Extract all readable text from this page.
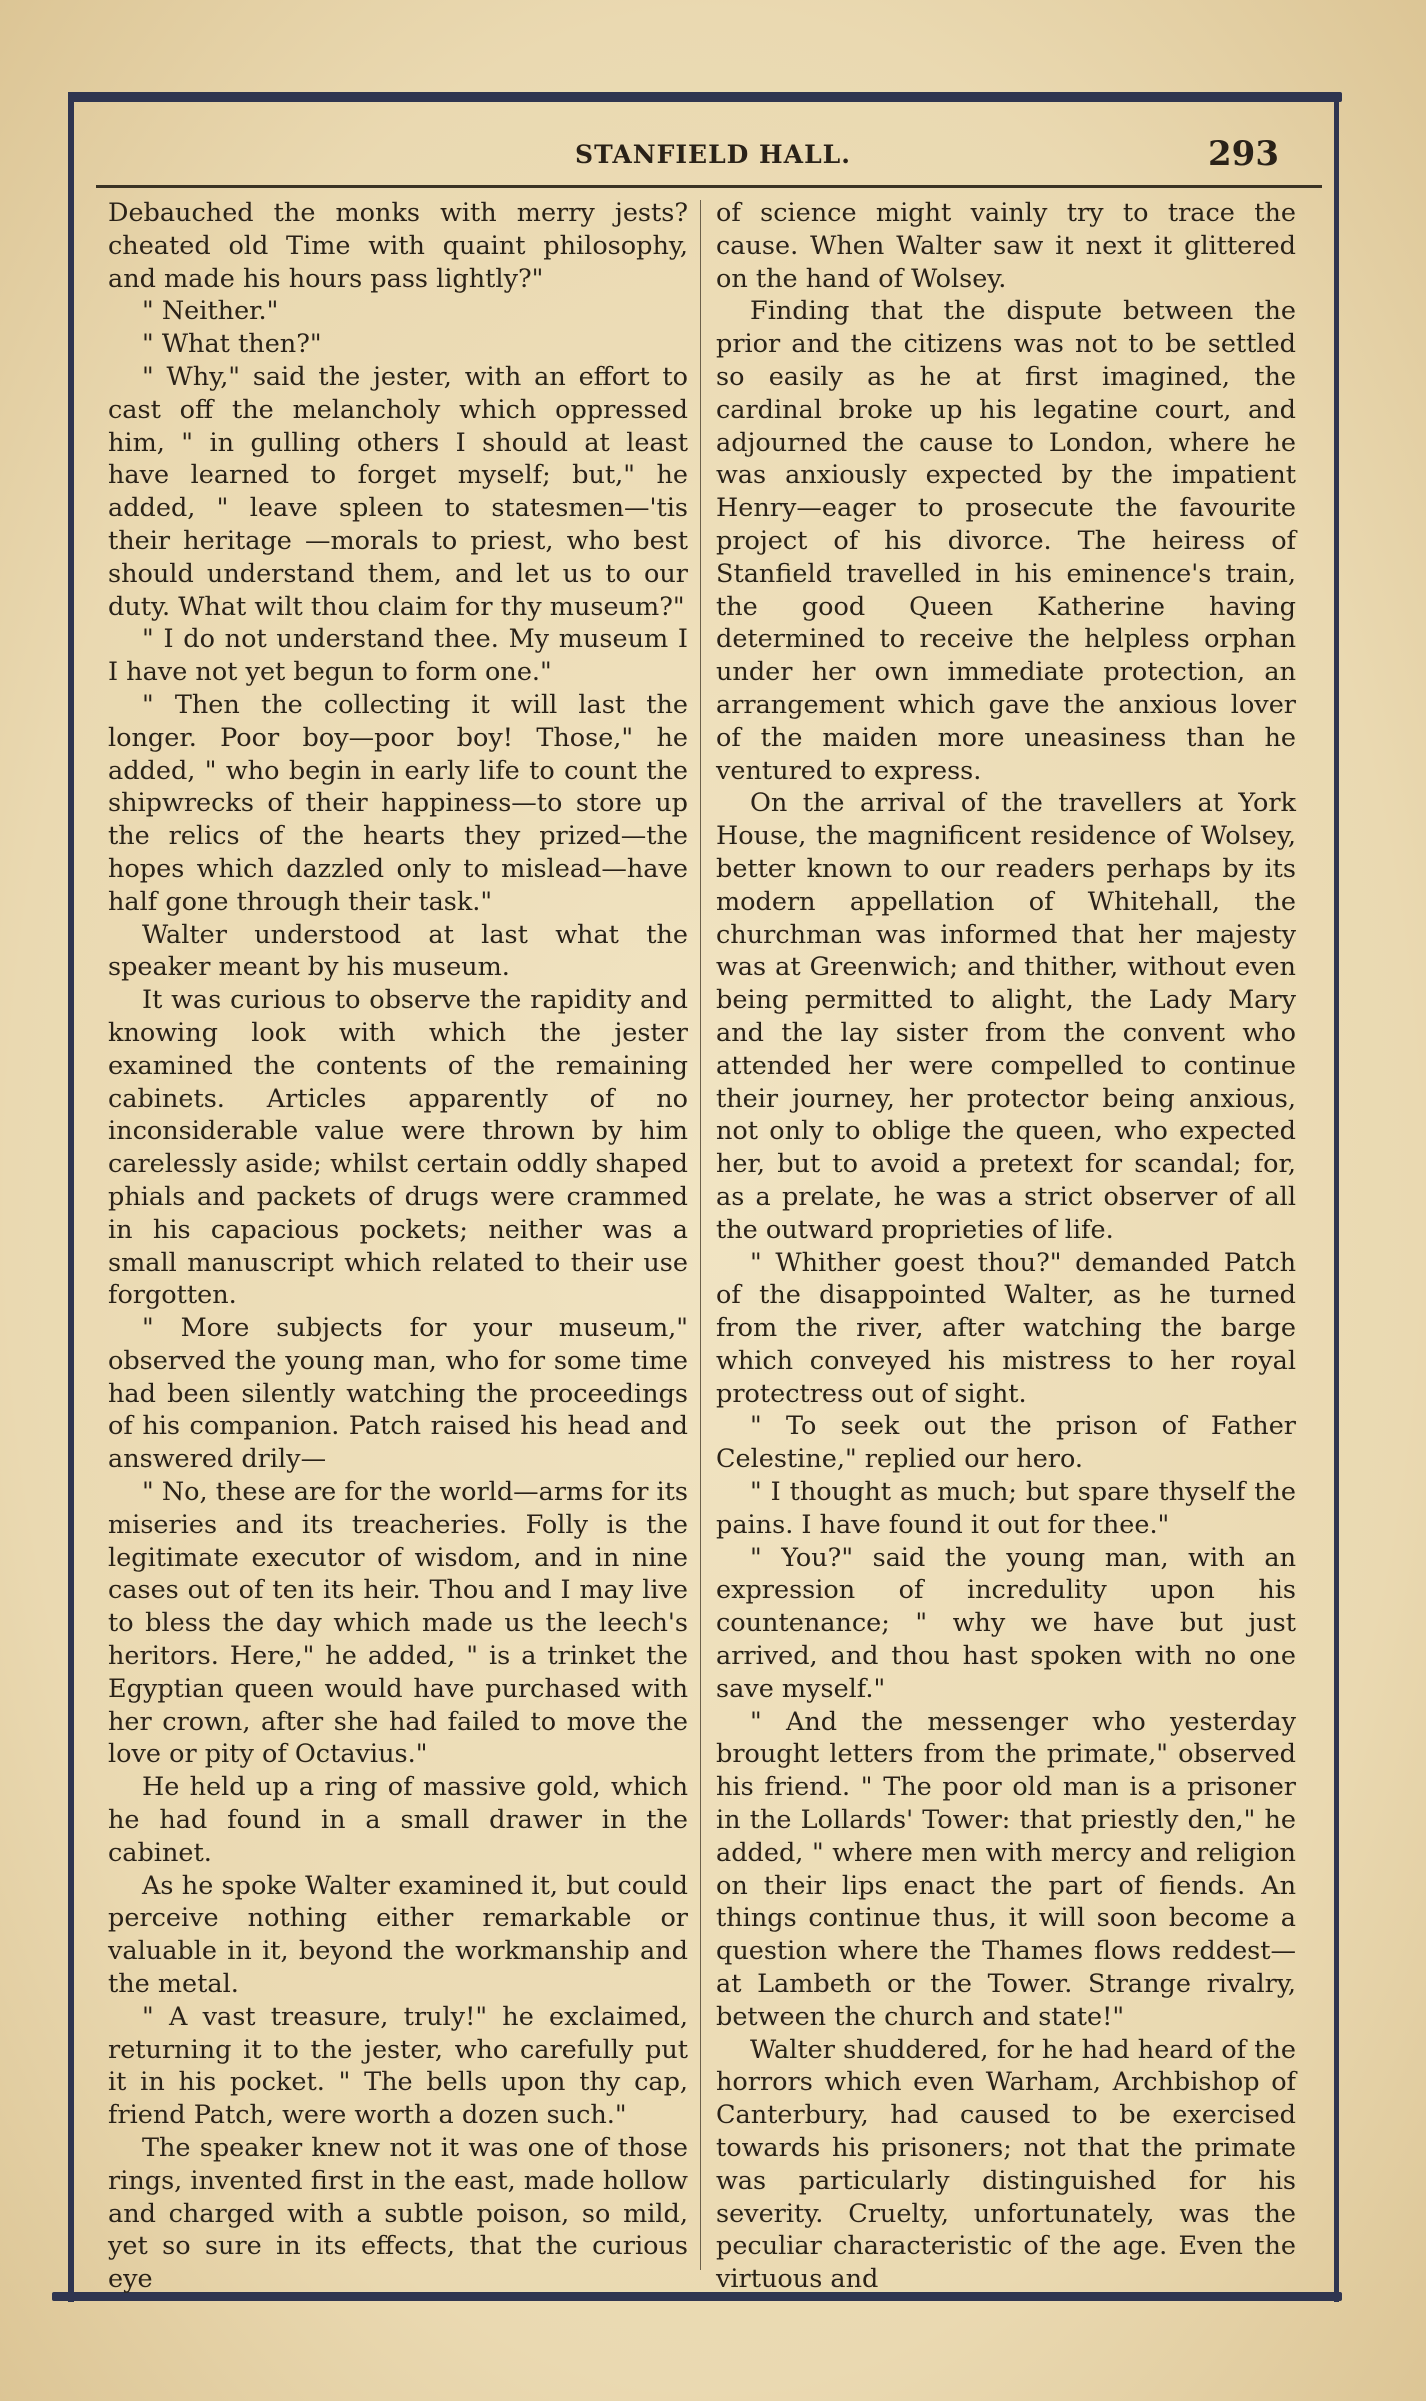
STANFIELD HALL.	293

Debauched the monks with merry jests? cheated old Time with quaint philosophy, and made his hours pass lightly?"

" Neither."

" What then?"

" Why," said the jester, with an effort to cast off the melancholy which oppressed him, " in gulling others I should at least have learned to forget myself; but," he added, " leave spleen to statesmen—'tis their heritage —morals to priest, who best should understand them, and let us to our duty. What wilt thou claim for thy museum?"

" I do not understand thee. My museum I I have not yet begun to form one."

" Then the collecting it will last the longer. Poor boy—poor boy! Those," he added, " who begin in early life to count the shipwrecks of their happiness—to store up the relics of the hearts they prized—the hopes which dazzled only to mislead—have half gone through their task."

Walter understood at last what the speaker meant by his museum.

It was curious to observe the rapidity and knowing look with which the jester examined the contents of the remaining cabinets. Articles apparently of no inconsiderable value were thrown by him carelessly aside; whilst certain oddly shaped phials and packets of drugs were crammed in his capacious pockets; neither was a small manuscript which related to their use forgotten.

" More subjects for your museum," observed the young man, who for some time had been silently watching the proceedings of his companion. Patch raised his head and answered drily—

" No, these are for the world—arms for its miseries and its treacheries. Folly is the legitimate executor of wisdom, and in nine cases out of ten its heir. Thou and I may live to bless the day which made us the leech's heritors. Here," he added, " is a trinket the Egyptian queen would have purchased with her crown, after she had failed to move the love or pity of Octavius."

He held up a ring of massive gold, which he had found in a small drawer in the cabinet.

As he spoke Walter examined it, but could perceive nothing either remarkable or valuable in it, beyond the workmanship and the metal.

" A vast treasure, truly!" he exclaimed, returning it to the jester, who carefully put it in his pocket. " The bells upon thy cap, friend Patch, were worth a dozen such."

The speaker knew not it was one of those rings, invented first in the east, made hollow and charged with a subtle poison, so mild, yet so sure in its effects, that the curious eye

of science might vainly try to trace the cause. When Walter saw it next it glittered on the hand of Wolsey.

Finding that the dispute between the prior and the citizens was not to be settled so easily as he at first imagined, the cardinal broke up his legatine court, and adjourned the cause to London, where he was anxiously expected by the impatient Henry—eager to prosecute the favourite project of his divorce. The heiress of Stanfield travelled in his eminence's train, the good Queen Katherine having determined to receive the helpless orphan under her own immediate protection, an arrangement which gave the anxious lover of the maiden more uneasiness than he ventured to express.

On the arrival of the travellers at York House, the magnificent residence of Wolsey, better known to our readers perhaps by its modern appellation of Whitehall, the churchman was informed that her majesty was at Greenwich; and thither, without even being permitted to alight, the Lady Mary and the lay sister from the convent who attended her were compelled to continue their journey, her protector being anxious, not only to oblige the queen, who expected her, but to avoid a pretext for scandal; for, as a prelate, he was a strict observer of all the outward proprieties of life.

" Whither goest thou?" demanded Patch of the disappointed Walter, as he turned from the river, after watching the barge which conveyed his mistress to her royal protectress out of sight.

" To seek out the prison of Father Celestine," replied our hero.

" I thought as much; but spare thyself the pains. I have found it out for thee."

" You?" said the young man, with an expression of incredulity upon his countenance; " why we have but just arrived, and thou hast spoken with no one save myself."

" And the messenger who yesterday brought letters from the primate," observed his friend. " The poor old man is a prisoner in the Lollards' Tower: that priestly den," he added, " where men with mercy and religion on their lips enact the part of fiends. An things continue thus, it will soon become a question where the Thames flows reddest—at Lambeth or the Tower. Strange rivalry, between the church and state!"

Walter shuddered, for he had heard of the horrors which even Warham, Archbishop of Canterbury, had caused to be exercised towards his prisoners; not that the primate was particularly distinguished for his severity. Cruelty, unfortunately, was the peculiar characteristic of the age. Even the virtuous and
